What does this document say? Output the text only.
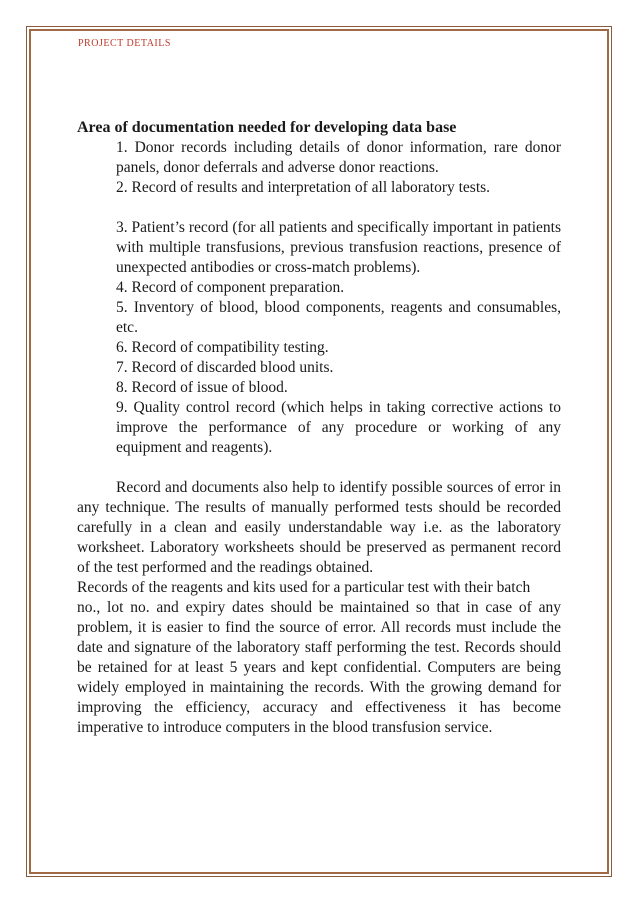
PROJECT DETAILS

Area of documentation needed for developing data base

1. Donor records including details of donor information, rare donor panels, donor deferrals and adverse donor reactions.

2. Record of results and interpretation of all laboratory tests.

3. Patient’s record (for all patients and specifically important in patients with multiple transfusions, previous transfusion reactions, presence of unexpected antibodies or cross-match problems).

4. Record of component preparation.

5. Inventory of blood, blood components, reagents and consumables, etc.

6. Record of compatibility testing.

7. Record of discarded blood units.

8. Record of issue of blood.

9. Quality control record (which helps in taking corrective actions to improve the performance of any procedure or working of any equipment and reagents).

Record and documents also help to identify possible sources of error in any technique. The results of manually performed tests should be recorded carefully in a clean and easily understandable way i.e. as the laboratory worksheet. Laboratory worksheets should be preserved as permanent record of the test performed and the readings obtained.

Records of the reagents and kits used for a particular test with their batch

no., lot no. and expiry dates should be maintained so that in case of any problem, it is easier to find the source of error. All records must include the date and signature of the laboratory staff performing the test. Records should be retained for at least 5 years and kept confidential. Computers are being widely employed in maintaining the records. With the growing demand for improving the efficiency, accuracy and effectiveness it has become imperative to introduce computers in the blood transfusion service.
